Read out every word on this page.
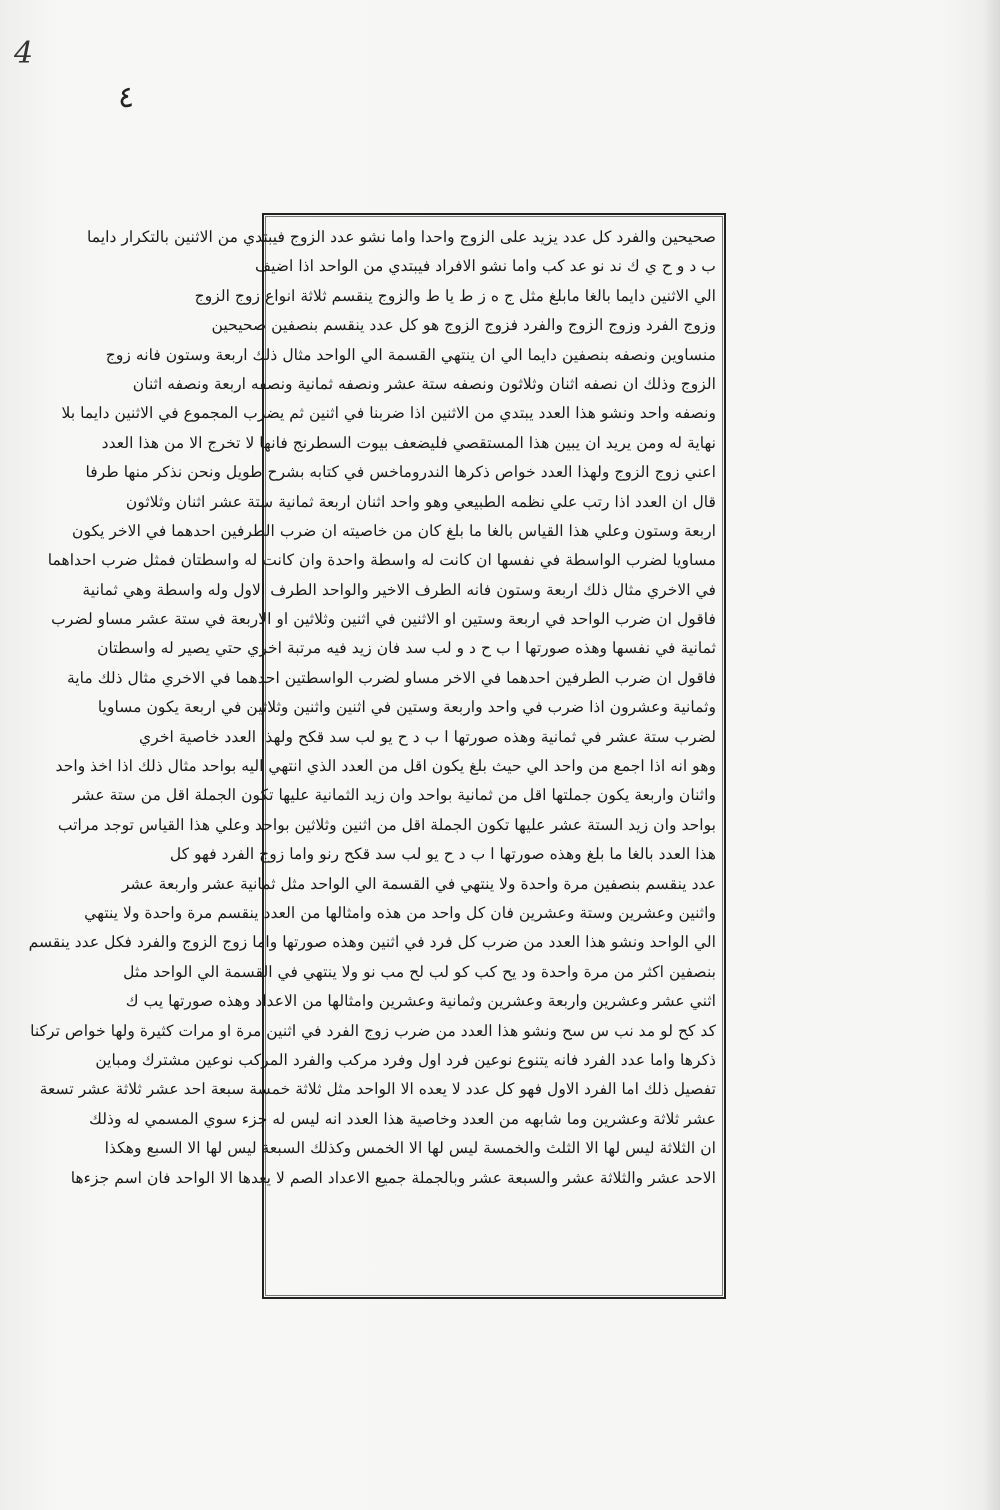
4
٤
صحيحين والفرد كل عدد يزيد على الزوج واحدا واما نشو عدد الزوج فيبتدي من الاثنين بالتكرار دايما
ب د و ح ي ك ند نو عد كب واما نشو الافراد فيبتدي من الواحد اذا اضيف
الي الاثنين دايما بالغا مابلغ مثل ج ه ز ط يا ط والزوج ينقسم ثلاثة انواع زوج الزوج
وزوج الفرد وزوج الزوج والفرد فزوج الزوج هو كل عدد ينقسم بنصفين صحيحين
منساوين ونصفه بنصفين دايما الي ان ينتهي القسمة الي الواحد مثال ذلك اربعة وستون فانه زوج
الزوج وذلك ان نصفه اثنان وثلاثون ونصفه ستة عشر ونصفه ثمانية ونصفه اربعة ونصفه اثنان
ونصفه واحد ونشو هذا العدد يبتدي من الاثنين اذا ضربنا في اثنين ثم يضرب المجموع في الاثنين دايما بلا
نهاية له ومن يريد ان يبين هذا المستقصي فليضعف بيوت السطرنج فانها لا تخرج الا من هذا العدد
اعني زوج الزوج ولهذا العدد خواص ذكرها الندروماخس في كتابه بشرح طويل ونحن نذكر منها طرفا
قال ان العدد اذا رتب علي نظمه الطبيعي وهو واحد اثنان اربعة ثمانية ستة عشر اثنان وثلاثون
اربعة وستون وعلي هذا القياس بالغا ما بلغ كان من خاصيته ان ضرب الطرفين احدهما في الاخر يكون
مساويا لضرب الواسطة في نفسها ان كانت له واسطة واحدة وان كانت له واسطتان فمثل ضرب احداهما
في الاخري مثال ذلك اربعة وستون فانه الطرف الاخير والواحد الطرف الاول وله واسطة وهي ثمانية
فاقول ان ضرب الواحد في اربعة وستين او الاثنين في اثنين وثلاثين او الاربعة في ستة عشر مساو لضرب
ثمانية في نفسها وهذه صورتها ا ب ح د و لب سد فان زيد فيه مرتبة اخري حتي يصير له واسطتان
فاقول ان ضرب الطرفين احدهما في الاخر مساو لضرب الواسطتين احدهما في الاخري مثال ذلك ماية
وثمانية وعشرون اذا ضرب في واحد واربعة وستين في اثنين واثنين وثلاثين في اربعة يكون مساويا
لضرب ستة عشر في ثمانية وهذه صورتها ا ب د ح يو لب سد قكح ولهذا العدد خاصية اخري
وهو انه اذا اجمع من واحد الي حيث بلغ يكون اقل من العدد الذي انتهي اليه بواحد مثال ذلك اذا اخذ واحد
واثنان واربعة يكون جملتها اقل من ثمانية بواحد وان زيد الثمانية عليها تكون الجملة اقل من ستة عشر
بواحد وان زيد الستة عشر عليها تكون الجملة اقل من اثنين وثلاثين بواحد وعلي هذا القياس توجد مراتب
هذا العدد بالغا ما بلغ وهذه صورتها ا ب د ح يو لب سد قكح رنو واما زوج الفرد فهو كل
عدد ينقسم بنصفين مرة واحدة ولا ينتهي في القسمة الي الواحد مثل ثمانية عشر واربعة عشر
واثنين وعشرين وستة وعشرين فان كل واحد من هذه وامثالها من العدد ينقسم مرة واحدة ولا ينتهي
الي الواحد ونشو هذا العدد من ضرب كل فرد في اثنين وهذه صورتها واما زوج الزوج والفرد فكل عدد ينقسم
بنصفين اكثر من مرة واحدة ود يح كب كو لب لح مب نو ولا ينتهي في القسمة الي الواحد مثل
اثني عشر وعشرين واربعة وعشرين وثمانية وعشرين وامثالها من الاعداد وهذه صورتها يب ك
كد كح لو مد نب س سح ونشو هذا العدد من ضرب زوج الفرد في اثنين مرة او مرات كثيرة ولها خواص تركنا
ذكرها واما عدد الفرد فانه يتنوع نوعين فرد اول وفرد مركب والفرد المركب نوعين مشترك ومباين
تفصيل ذلك اما الفرد الاول فهو كل عدد لا يعده الا الواحد مثل ثلاثة خمسة سبعة احد عشر ثلاثة عشر تسعة
عشر ثلاثة وعشرين وما شابهه من العدد وخاصية هذا العدد انه ليس له جزء سوي المسمي له وذلك
ان الثلاثة ليس لها الا الثلث والخمسة ليس لها الا الخمس وكذلك السبعة ليس لها الا السبع وهكذا
الاحد عشر والثلاثة عشر والسبعة عشر وبالجملة جميع الاعداد الصم لا يعدها الا الواحد فان اسم جزءها
